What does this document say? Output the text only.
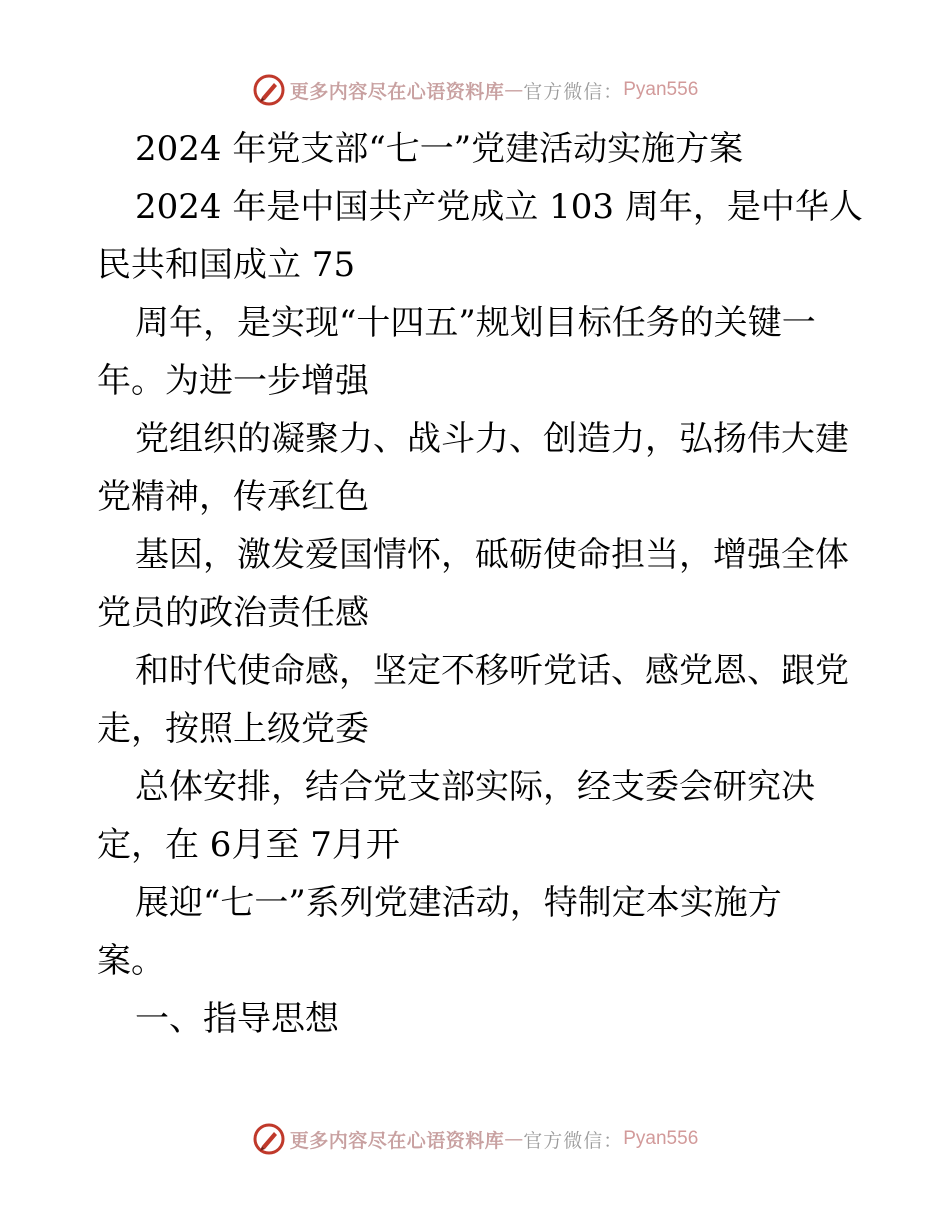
更多内容尽在心语资料库 — 官方微信： Pyan556
2024 年党支部“七一”党建活动实施方案
2024 年是中国共产党成立 103 周年，是中华人
民共和国成立 75
周年，是实现“十四五”规划目标任务的关键一
年。为进一步增强
党组织的凝聚力、战斗力、创造力，弘扬伟大建
党精神，传承红色
基因，激发爱国情怀，砥砺使命担当，增强全体
党员的政治责任感
和时代使命感，坚定不移听党话、感党恩、跟党
走，按照上级党委
总体安排，结合党支部实际，经支委会研究决
定，在 6月至 7月开
展迎“七一”系列党建活动，特制定本实施方
案。
一、指导思想
更多内容尽在心语资料库 — 官方微信： Pyan556
